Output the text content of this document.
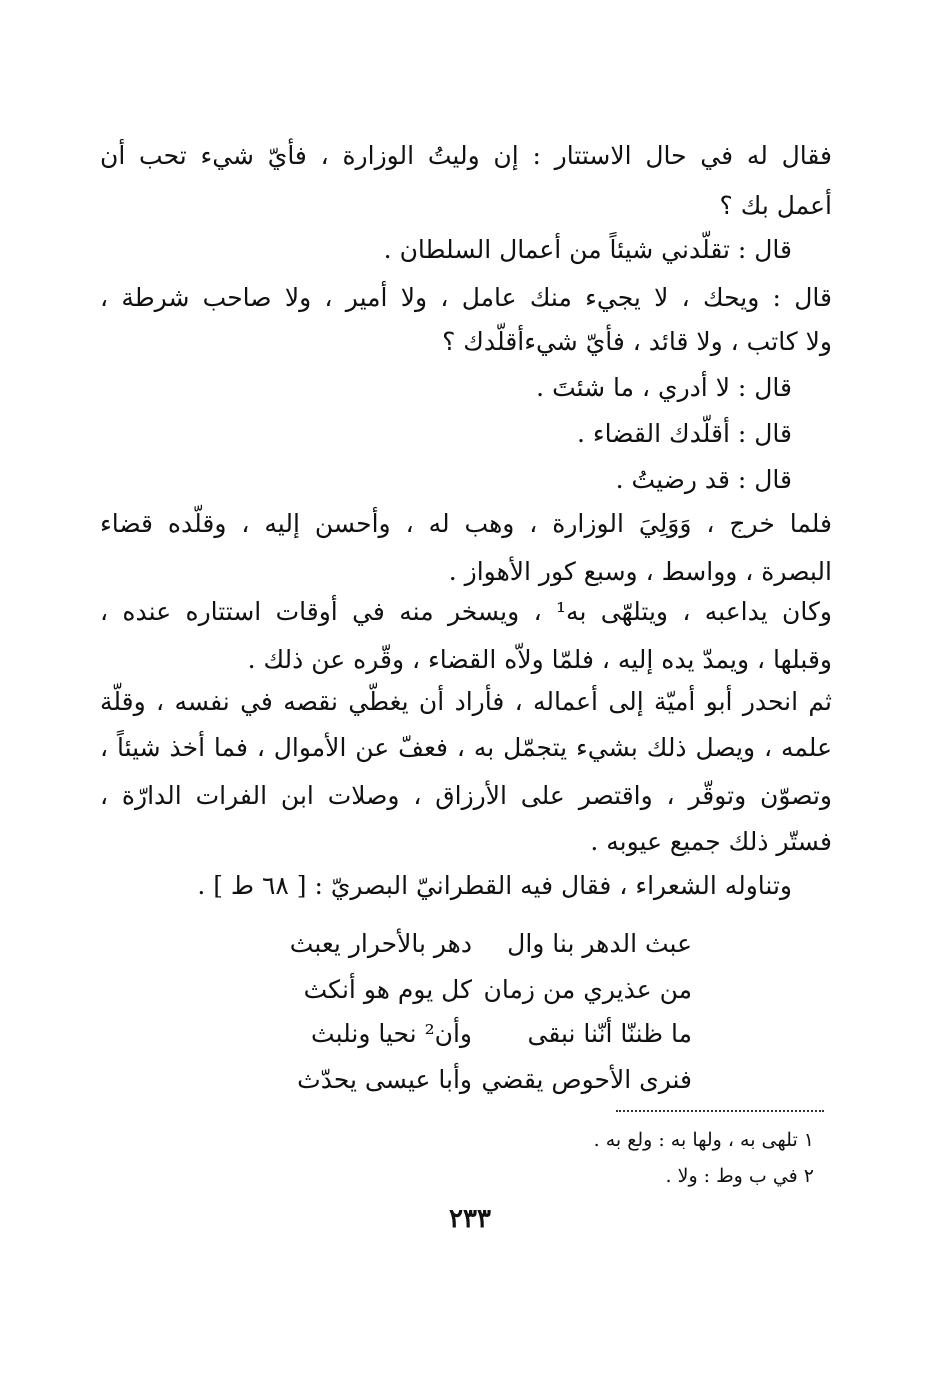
فقال له في حال الاستتار : إن وليتُ الوزارة ، فأيّ شيء تحب أن
أعمل بك ؟
قال : تقلّدني شيئاً من أعمال السلطان .
قال : ويحك ، لا يجيء منك عامل ، ولا أمير ، ولا صاحب شرطة ،
ولا كاتب ، ولا قائد ، فأيّ شيءأقلّدك ؟
قال : لا أدري ، ما شئتَ .
قال : أقلّدك القضاء .
قال : قد رضيتُ .
فلما خرج ، وَوَلِيَ الوزارة ، وهب له ، وأحسن إليه ، وقلّده قضاء
البصرة ، وواسط ، وسبع كور الأهواز .
وكان يداعبه ، ويتلهّى به¹ ، ويسخر منه في أوقات استتاره عنده ،
وقبلها ، ويمدّ يده إليه ، فلمّا ولاّه القضاء ، وقّره عن ذلك .
ثم انحدر أبو أميّة إلى أعماله ، فأراد أن يغطّي نقصه في نفسه ، وقلّة
علمه ، ويصل ذلك بشيء يتجمّل به ، فعفّ عن الأموال ، فما أخذ شيئاً ،
وتصوّن وتوقّر ، واقتصر على الأرزاق ، وصلات ابن الفرات الدارّة ،
فستّر ذلك جميع عيوبه .
وتناوله الشعراء ، فقال فيه القطرانيّ البصريّ : [ ٦٨ ط ] .
عبث الدهر بنا وال
دهر بالأحرار يعبث
من عذيري من زمان
كل يوم هو أنكث
ما ظننّا أنّنا نبقى
وأن² نحيا ونلبث
فنرى الأحوص يقضي
وأبا عيسى يحدّث
١ تلهى به ، ولها به : ولع به .
٢ في ب وط : ولا .
٢٣٣
